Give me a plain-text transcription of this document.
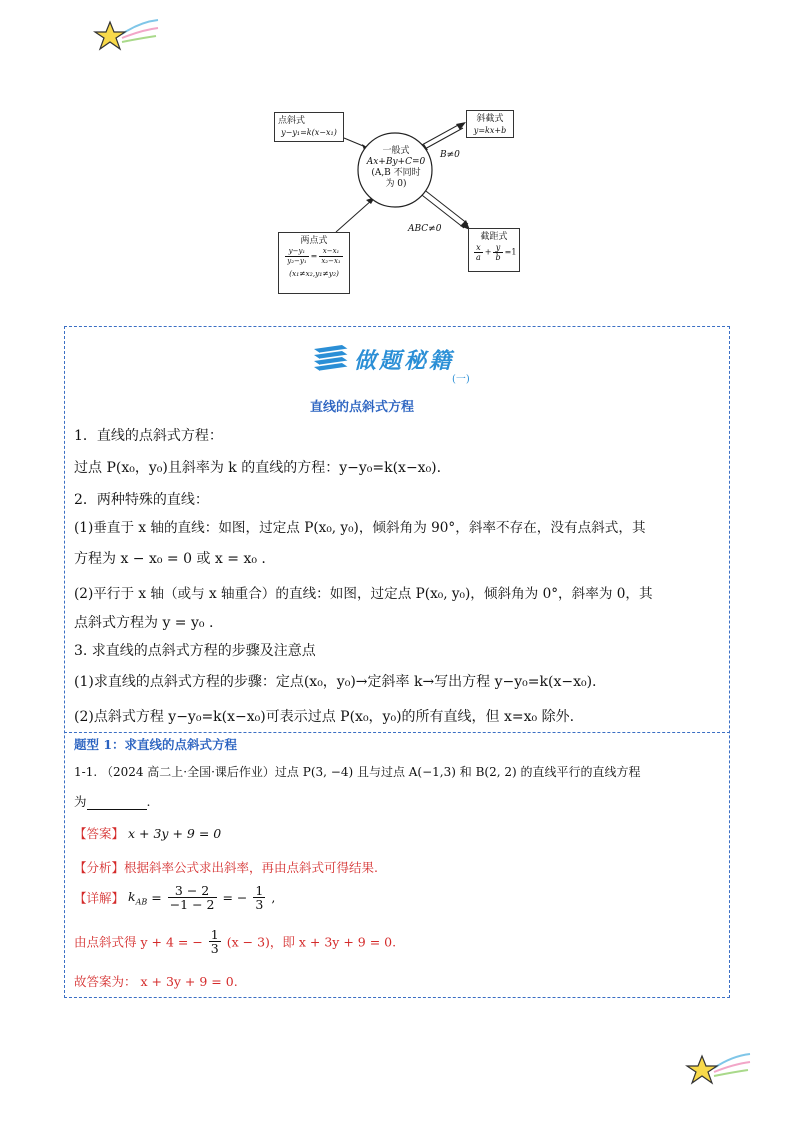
点斜式
y−y₁=k(x−x₁)
一般式
Ax+By+C=0
(A,B 不同时
为 0)
斜截式
y=kx+b
B≠0
ABC≠0
两点式
$\frac{\text{y−y₁}}{\text{y₂−y₁}} = \frac{\text{x−x₁}}{\text{x₂−x₁}}$
(x₁≠x₂,y₁≠y₂)
截距式
$\frac{x}{a} + \frac{y}{b} =1$
做题秘籍
(一)
直线的点斜式方程
1．直线的点斜式方程：
过点 P(x₀，y₀)且斜率为 k 的直线的方程：y−y₀=k(x−x₀).
2．两种特殊的直线：
(1)垂直于 x 轴的直线：如图，过定点 P(x₀, y₀)，倾斜角为 90°，斜率不存在，没有点斜式，其
方程为 x − x₀ = 0 或 x = x₀ .
(2)平行于 x 轴（或与 x 轴重合）的直线：如图，过定点 P(x₀, y₀)，倾斜角为 0°，斜率为 0，其
点斜式方程为 y = y₀ .
3. 求直线的点斜式方程的步骤及注意点
(1)求直线的点斜式方程的步骤：定点(x₀，y₀)→定斜率 k→写出方程 y−y₀=k(x−x₀).
(2)点斜式方程 y−y₀=k(x−x₀)可表示过点 P(x₀，y₀)的所有直线，但 x=x₀ 除外.
题型 1：求直线的点斜式方程
1-1. （2024 高二上·全国·课后作业）过点 P(3, −4) 且与过点 A(−1,3) 和 B(2, 2) 的直线平行的直线方程
为	.
【答案】 x + 3y + 9 = 0
【分析】根据斜率公式求出斜率，再由点斜式可得结果.
【详解】 $k_{AB} = \frac{3 - 2}{-1 - 2}$ = − $\frac{1}{3}$ ,
由点斜式得 y + 4 = − $\frac{1}{3} (x - 3)$，即 x + 3y + 9 = 0.
故答案为： x + 3y + 9 = 0.
